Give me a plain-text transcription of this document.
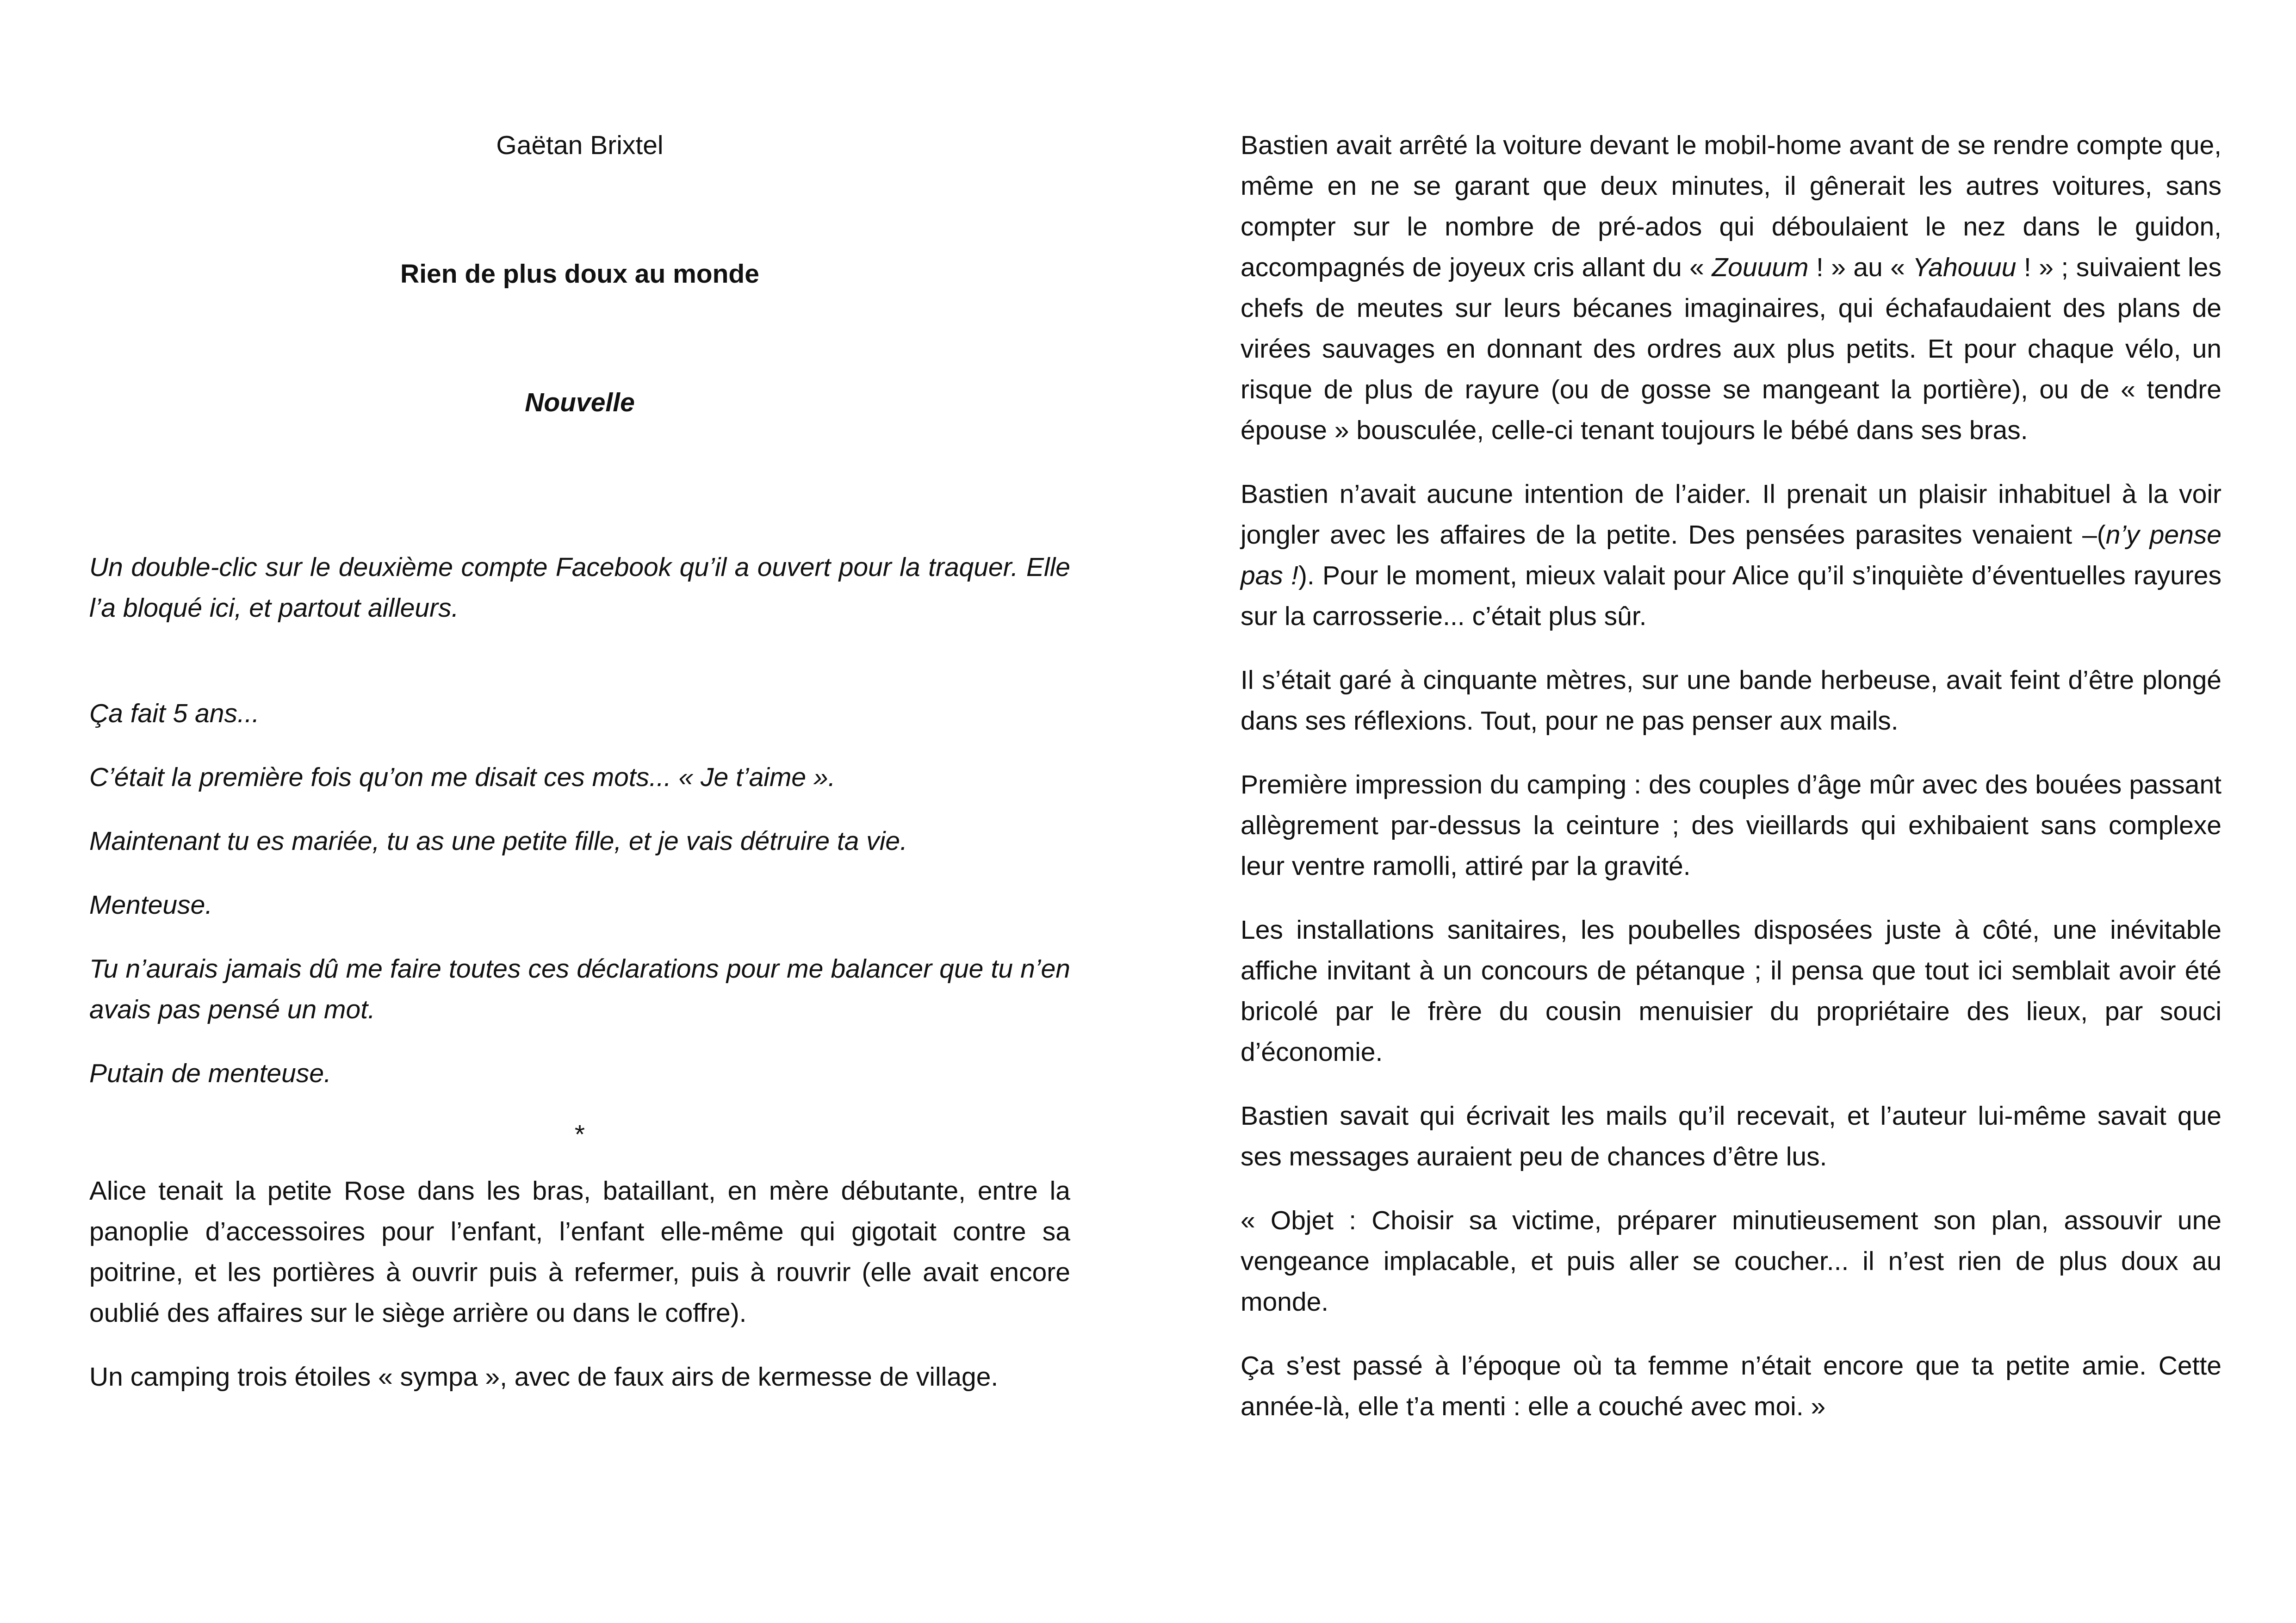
Gaëtan Brixtel

Rien de plus doux au monde

Nouvelle

Un double-clic sur le deuxième compte Facebook qu’il a ouvert pour la traquer. Elle l’a bloqué ici, et partout ailleurs.

Ça fait 5 ans...

C’était la première fois qu’on me disait ces mots... « Je t’aime ».

Maintenant tu es mariée, tu as une petite fille, et je vais détruire ta vie.

Menteuse.

Tu n’aurais jamais dû me faire toutes ces déclarations pour me balancer que tu n’en avais pas pensé un mot.

Putain de menteuse.

*

Alice tenait la petite Rose dans les bras, bataillant, en mère débutante, entre la panoplie d’accessoires pour l’enfant, l’enfant elle-même qui gigotait contre sa poitrine, et les portières à ouvrir puis à refermer, puis à rouvrir (elle avait encore oublié des affaires sur le siège arrière ou dans le coffre).

Un camping trois étoiles « sympa », avec de faux airs de kermesse de village.

Bastien avait arrêté la voiture devant le mobil-home avant de se rendre compte que, même en ne se garant que deux minutes, il gênerait les autres voitures, sans compter sur le nombre de pré-ados qui déboulaient le nez dans le guidon, accompagnés de joyeux cris allant du « Zouuum ! » au « Yahouuu ! » ; suivaient les chefs de meutes sur leurs bécanes imaginaires, qui échafaudaient des plans de virées sauvages en donnant des ordres aux plus petits. Et pour chaque vélo, un risque de plus de rayure (ou de gosse se mangeant la portière), ou de « tendre épouse » bousculée, celle-ci tenant toujours le bébé dans ses bras.

Bastien n’avait aucune intention de l’aider. Il prenait un plaisir inhabituel à la voir jongler avec les affaires de la petite. Des pensées parasites venaient –(n’y pense pas !). Pour le moment, mieux valait pour Alice qu’il s’inquiète d’éventuelles rayures sur la carrosserie... c’était plus sûr.

Il s’était garé à cinquante mètres, sur une bande herbeuse, avait feint d’être plongé dans ses réflexions. Tout, pour ne pas penser aux mails.

Première impression du camping : des couples d’âge mûr avec des bouées passant allègrement par-dessus la ceinture ; des vieillards qui exhibaient sans complexe leur ventre ramolli, attiré par la gravité.

Les installations sanitaires, les poubelles disposées juste à côté, une inévitable affiche invitant à un concours de pétanque ; il pensa que tout ici semblait avoir été bricolé par le frère du cousin menuisier du propriétaire des lieux, par souci d’économie.

Bastien savait qui écrivait les mails qu’il recevait, et l’auteur lui-même savait que ses messages auraient peu de chances d’être lus.

« Objet : Choisir sa victime, préparer minutieusement son plan, assouvir une vengeance implacable, et puis aller se coucher... il n’est rien de plus doux au monde.

Ça s’est passé à l’époque où ta femme n’était encore que ta petite amie. Cette année-là, elle t’a menti : elle a couché avec moi. »
